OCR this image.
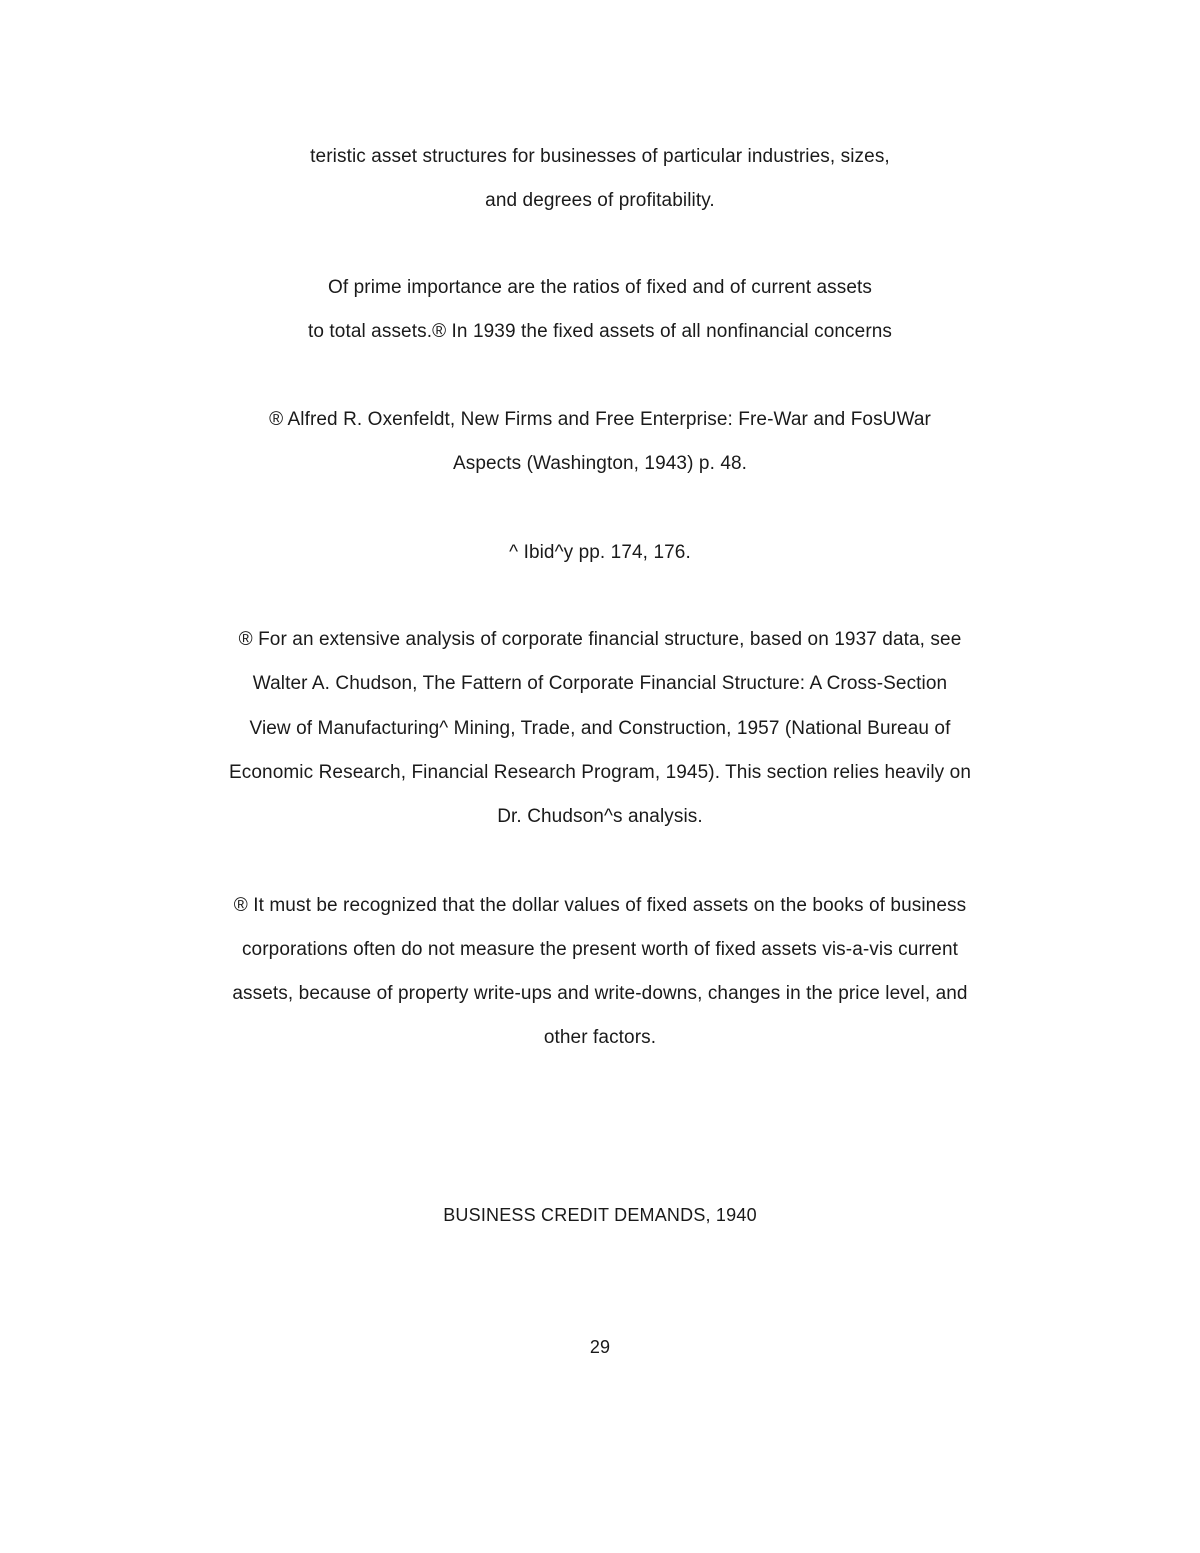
teristic asset structures for businesses of particular industries, sizes,
and degrees of profitability.
Of prime importance are the ratios of fixed and of current assets
to total assets.® In 1939 the fixed assets of all nonfinancial concerns
® Alfred R. Oxenfeldt, New Firms and Free Enterprise: Fre-War and FosUWar
Aspects (Washington, 1943) p. 48.
^ Ibid^y pp. 174, 176.
® For an extensive analysis of corporate financial structure, based on 1937 data, see
Walter A. Chudson, The Fattern of Corporate Financial Structure: A Cross-Section
View of Manufacturing^ Mining, Trade, and Construction, 1957 (National Bureau of
Economic Research, Financial Research Program, 1945). This section relies heavily on
Dr. Chudson^s analysis.
® It must be recognized that the dollar values of fixed assets on the books of business
corporations often do not measure the present worth of fixed assets vis-a-vis current
assets, because of property write-ups and write-downs, changes in the price level, and
other factors.
BUSINESS CREDIT DEMANDS, 1940
29
